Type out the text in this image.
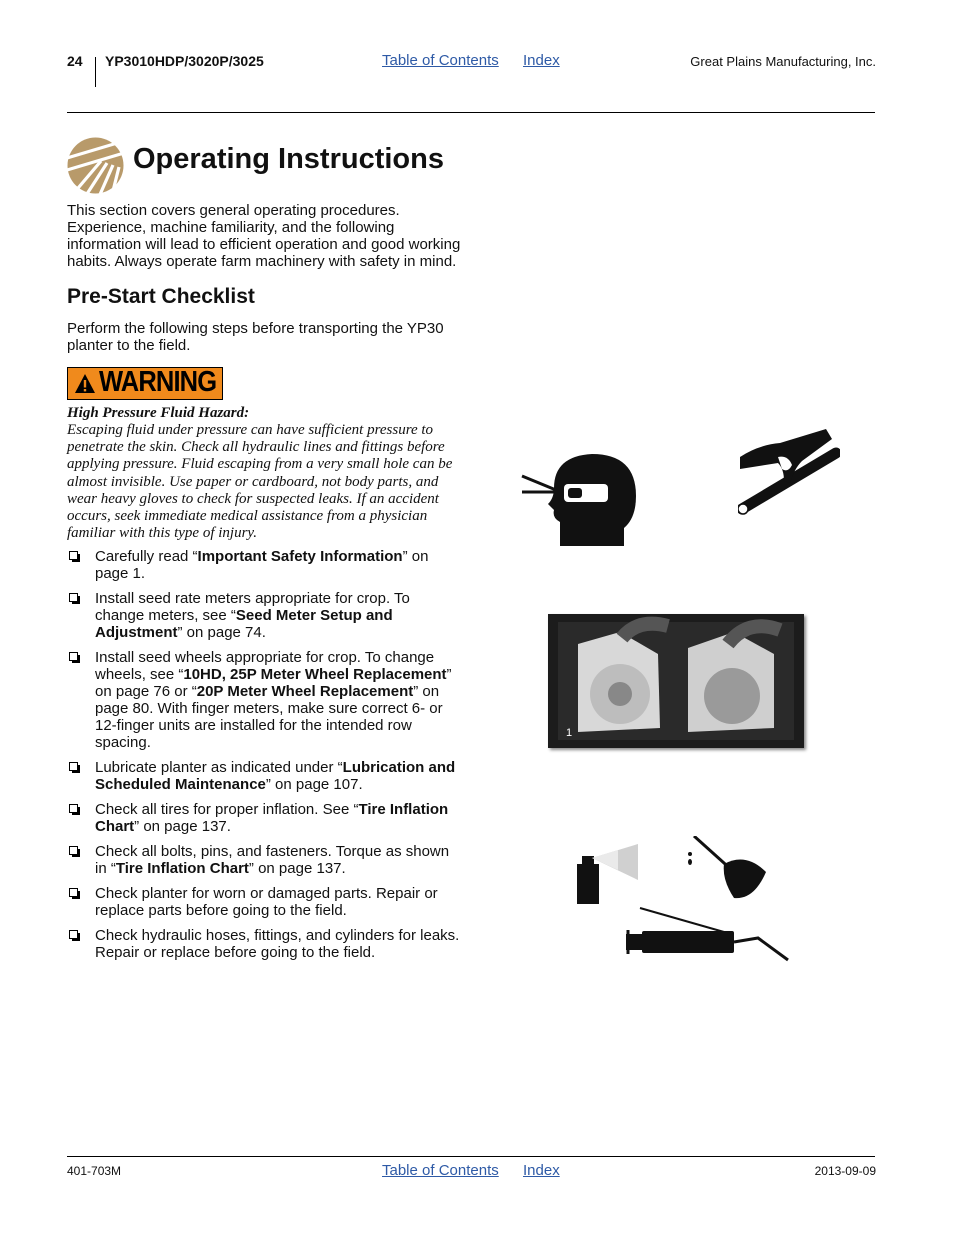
24 YP3010HDP/3020P/3025	Table of Contents Index	Great Plains Manufacturing, Inc.
Operating Instructions
This section covers general operating procedures. Experience, machine familiarity, and the following information will lead to efficient operation and good working habits. Always operate farm machinery with safety in mind.
Pre-Start Checklist
Perform the following steps before transporting the YP30 planter to the field.
WARNING
High Pressure Fluid Hazard:
Escaping fluid under pressure can have sufficient pressure to penetrate the skin. Check all hydraulic lines and fittings before applying pressure. Fluid escaping from a very small hole can be almost invisible. Use paper or cardboard, not body parts, and wear heavy gloves to check for suspected leaks. If an accident occurs, seek immediate medical assistance from a physician familiar with this type of injury.
Carefully read “Important Safety Information” on page 1.
Install seed rate meters appropriate for crop. To change meters, see “Seed Meter Setup and Adjustment” on page 74.
Install seed wheels appropriate for crop. To change wheels, see “10HD, 25P Meter Wheel Replacement” on page 76 or “20P Meter Wheel Replacement” on page 80. With finger meters, make sure correct 6- or 12-finger units are installed for the intended row spacing.
Lubricate planter as indicated under “Lubrication and Scheduled Maintenance” on page 107.
Check all tires for proper inflation. See “Tire Inflation Chart” on page 137.
Check all bolts, pins, and fasteners. Torque as shown in “Tire Inflation Chart” on page 137.
Check planter for worn or damaged parts. Repair or replace parts before going to the field.
Check hydraulic hoses, fittings, and cylinders for leaks. Repair or replace before going to the field.
1
401-703M	Table of Contents Index	2013-09-09
